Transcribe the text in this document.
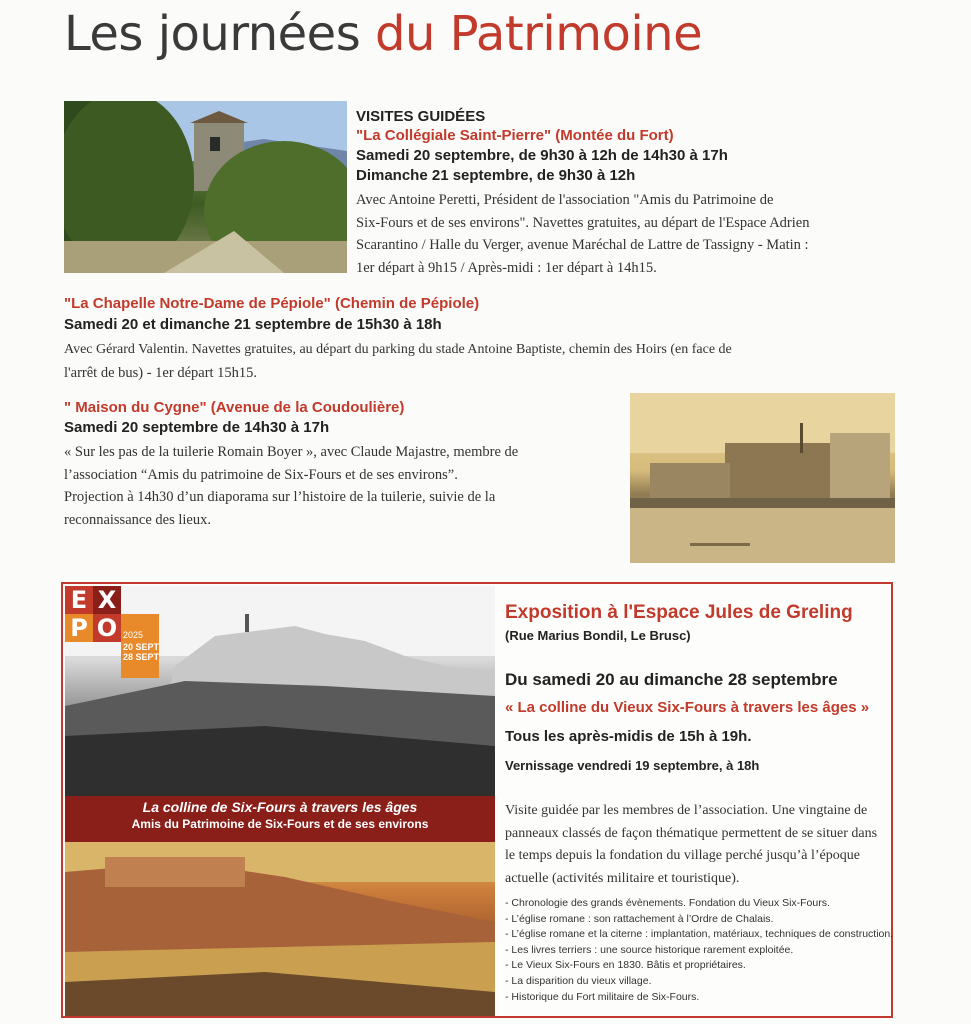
Les journées du Patrimoine
VISITES GUIDÉES
"La Collégiale Saint-Pierre" (Montée du Fort)
Samedi 20 septembre, de 9h30 à 12h de 14h30 à 17h
Dimanche 21 septembre, de 9h30 à 12h
Avec Antoine Peretti, Président de l'association "Amis du Patrimoine de
Six-Fours et de ses environs". Navettes gratuites, au départ de l'Espace Adrien
Scarantino / Halle du Verger, avenue Maréchal de Lattre de Tassigny - Matin :
1er départ à 9h15 / Après-midi : 1er départ à 14h15.
"La Chapelle Notre-Dame de Pépiole" (Chemin de Pépiole)
Samedi 20 et dimanche 21 septembre de 15h30 à 18h
Avec Gérard Valentin. Navettes gratuites, au départ du parking du stade Antoine Baptiste, chemin des Hoirs (en face de
l'arrêt de bus) - 1er départ 15h15.
" Maison du Cygne" (Avenue de la Coudoulière)
Samedi 20 septembre de 14h30 à 17h
« Sur les pas de la tuilerie Romain Boyer », avec Claude Majastre, membre de
l’association “Amis du patrimoine de Six-Fours et de ses environs”.
Projection à 14h30 d’un diaporama sur l’histoire de la tuilerie, suivie de la
reconnaissance des lieux.
E X
P O 2025
20 SEPT
28 SEPT
La colline de Six-Fours à travers les âges
Amis du Patrimoine de Six-Fours et de ses environs
Exposition à l'Espace Jules de Greling
(Rue Marius Bondil, Le Brusc)
Du samedi 20 au dimanche 28 septembre
« La colline du Vieux Six-Fours à travers les âges »
Tous les après-midis de 15h à 19h.
Vernissage vendredi 19 septembre, à 18h
Visite guidée par les membres de l’association. Une vingtaine de
panneaux classés de façon thématique permettent de se situer dans
le temps depuis la fondation du village perché jusqu’à l’époque
actuelle (activités militaire et touristique).
- Chronologie des grands évènements. Fondation du Vieux Six-Fours.
- L’église romane : son rattachement à l’Ordre de Chalais.
- L’église romane et la citerne : implantation, matériaux, techniques de construction.
- Les livres terriers : une source historique rarement exploitée.
- Le Vieux Six-Fours en 1830. Bâtis et propriétaires.
- La disparition du vieux village.
- Historique du Fort militaire de Six-Fours.
